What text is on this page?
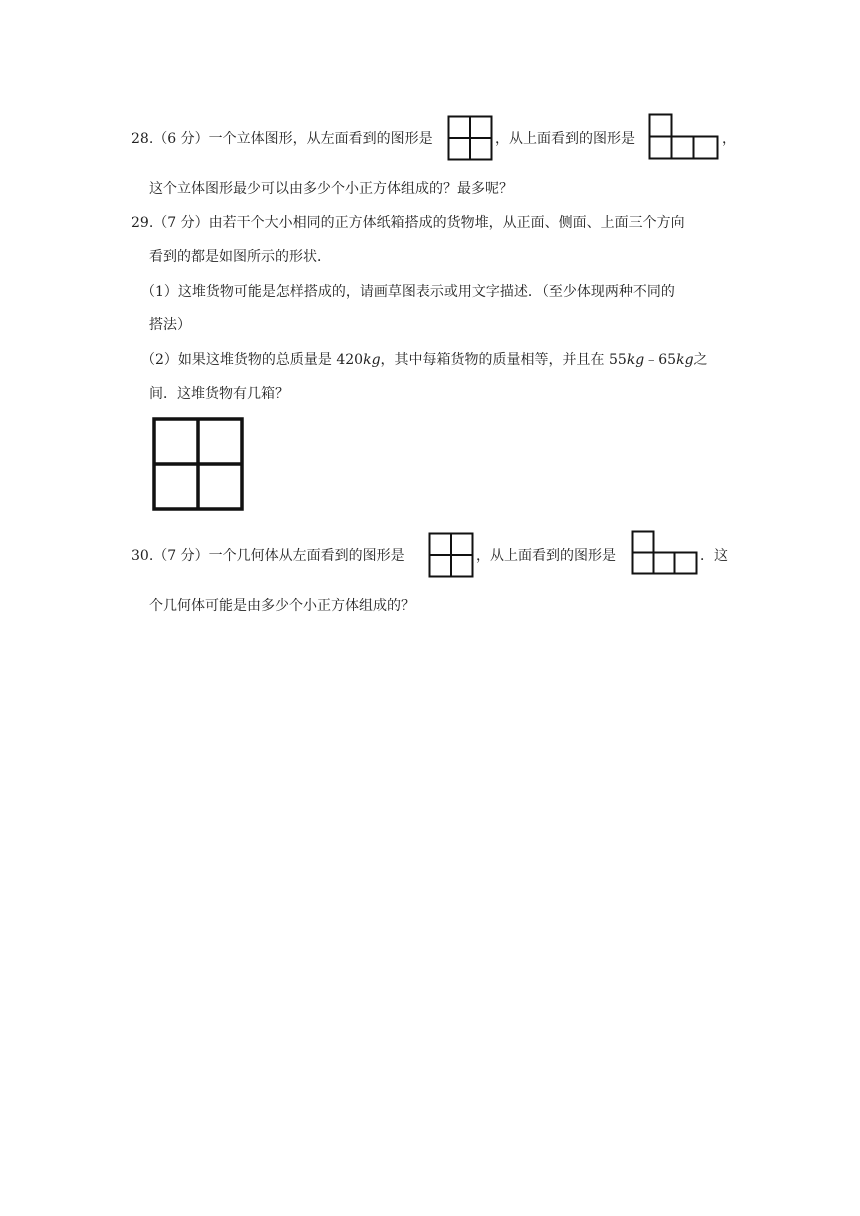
28.（6 分）一个立体图形，从左面看到的图形是	，从上面看到的图形是	，
这个立体图形最少可以由多少个小正方体组成的？最多呢？
29.（7 分）由若干个大小相同的正方体纸箱搭成的货物堆，从正面、侧面、上面三个方向
看到的都是如图所示的形状．
（1）这堆货物可能是怎样搭成的，请画草图表示或用文字描述．（至少体现两种不同的
搭法）
（2）如果这堆货物的总质量是 420kg，其中每箱货物的质量相等，并且在 55kg﹣65kg之
间．这堆货物有几箱？
30.（7 分）一个几何体从左面看到的图形是	，从上面看到的图形是	．这
个几何体可能是由多少个小正方体组成的？
